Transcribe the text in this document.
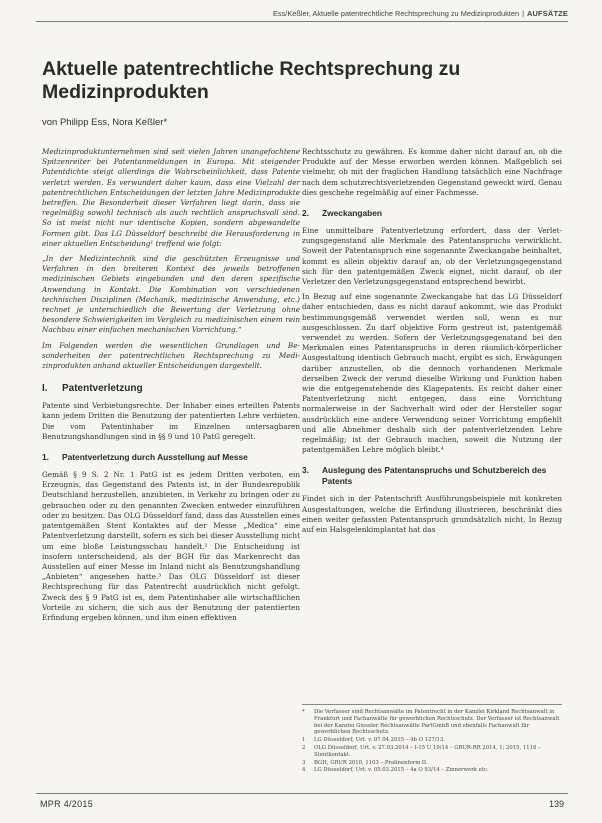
Ess/Keßler, Aktuelle patentrechtliche Rechtsprechung zu Medizinprodukten | AUFSÄTZE
Aktuelle patentrechtliche Rechtsprechung zu Medizinprodukten
von Philipp Ess, Nora Keßler*

Medizinproduktunternehmen sind seit vielen Jahren unangefochtene Spitzenreiter bei Patentanmeldungen in Europa. Mit steigender Patentdichte steigt allerdings die Wahrscheinlichkeit, dass Patente verletzt werden. Es verwundert daher kaum, dass eine Vielzahl der patentrechtlichen Entscheidungen der letzten Jahre Medizinprodukte betreffen. Die Besonderheit dieser Verfahren liegt darin, dass sie regelmäßig sowohl technisch als auch rechtlich anspruchsvoll sind. So ist meist nicht nur identische Kopien, sondern abgewandelte Formen gibt. Das LG Düsseldorf beschreibt die Herausforderung in einer aktuellen Entscheidung¹ treffend wie folgt:

„In der Medizintechnik sind die geschützten Erzeugnisse und Verfahren in den breiteren Kontext des jeweils betroffenen medizinischen Gebiets eingebunden und den deren spezifische Anwendung in Kontakt. Die Kombination von verschiedenen technischen Disziplinen (Mechanik, medizinische Anwendung, etc.) rechnet je unterschiedlich die Bewertung der Verletzung ohne besondere Schwierigkeiten im Vergleich zu medizinischen einem rein Nachbau einer einfachen mechanischen Vorrichtung.“

Im Folgenden werden die wesentlichen Grundlagen und Besonderheiten der patentrechtlichen Rechtsprechung zu Medizinprodukten anhand aktueller Entscheidungen dargestellt.

I. Patentverletzung

Patente sind Verbietungsrechte. Der Inhaber eines erteilten Patents kann jedem Dritten die Benutzung der patentierten Lehre verbieten. Die vom Patentinhaber im Einzelnen untersagbaren Benutzungshandlungen sind in §§ 9 und 10 PatG geregelt.

1. Patentverletzung durch Ausstellung auf Messe

Gemäß § 9 S. 2 Nr. 1 PatG ist es jedem Dritten verboten, ein Erzeugnis, das Gegenstand des Patents ist, in der Bundesrepublik Deutschland herzustellen, anzubieten, in Verkehr zu bringen oder zu gebrauchen oder zu den genannten Zwecken entweder einzuführen oder zu besitzen. Das OLG Düsseldorf fand, dass das Ausstellen eines patentgemäßen Stent Kontaktes auf der Messe „Medica“ eine Patentverletzung darstellt, sofern es sich bei dieser Ausstellung nicht um eine bloße Leistungsschau handelt.² Die Entscheidung ist insofern unterscheidend, als der BGH für das Markenrecht das Ausstellen auf einer Messe im Inland nicht als Benutzungshandlung „Anbieten“ angesehen hatte.³ Das OLG Düsseldorf ist dieser Rechtsprechung für das Patentrecht ausdrücklich nicht gefolgt. Zweck des § 9 PatG ist es, dem Patentinhaber alle wirtschaftlichen Vorteile zu sichern, die sich aus der Benutzung der patentierten Erfindung ergeben können, und ihm einen effektiven

Rechtsschutz zu gewähren. Es komme daher nicht darauf an, ob die Produkte auf der Messe erworben werden können. Maßgeblich sei vielmehr, ob mit der fraglichen Handlung tatsächlich eine Nachfrage nach dem schutzrechtsverletzenden Gegenstand geweckt wird. Genau dies geschehe regelmäßig auf einer Fachmesse.

2. Zweckangaben

Eine unmittelbare Patentverletzung erfordert, dass der Verletzungsgegenstand alle Merkmale des Patentanspruchs verwirklicht. Soweit der Patentanspruch eine sogenannte Zweckangabe beinhaltet, kommt es allein objektiv darauf an, ob der Verletzungsgegenstand sich für den patentgemäßen Zweck eignet, nicht darauf, ob der Verletzer den Verletzungsgegenstand entsprechend bewirbt.

In Bezug auf eine sogenannte Zweckangabe hat das LG Düsseldorf daher entschieden, dass es nicht darauf ankommt, wie das Produkt bestimmungsgemäß verwendet werden soll, wenn es nur ausgeschlossen. Zu darf objektive Form gestreut ist, patentgemäß verwendet zu werden. Sofern der Verletzungsgegenstand bei den Merkmalen eines Patentanspruchs in deren räumlich-körperlicher Ausgestaltung identisch Gebrauch macht, ergibt es sich, Erwägungen darüber anzustellen, ob die dennoch vorhandenen Merkmale derselben Zweck der verund dieselbe Wirkung und Funktion haben wie die entgegenstehende des Klagepatents. Es reicht daher einer Patentverletzung nicht entgegen, dass eine Vorrichtung normalerweise in der Sachverhalt wird oder der Hersteller sogar ausdrücklich eine andere Verwendung seiner Vorrichtung empfiehlt und alle Abnehmer deshalb sich der patentverletzenden Lehre regelmäßig; ist der Gebrauch machen, soweit die Nutzung der patentgemäßen Lehre möglich bleibt.⁴

3. Auslegung des Patentanspruchs und Schutzbereich des Patents

Findet sich in der Patentschrift Ausführungsbeispiele mit konkreten Ausgestaltungen, welche die Erfindung illustrieren, beschränkt dies einen weiter gefassten Patentanspruch grundsätzlich nicht. In Bezug auf ein Halsgelenkimplantat hat das

*	Die Verfasser sind Rechtsanwälte im Patentrecht in der Kanzlei Kirkland Rechtsanwalt in Frankfurt und Fachanwälte für gewerblichen Rechtsschutz. Der Verfasser ist Rechtsanwalt bei der Kanzlei Gieseler Rechtsanwälte PartGmbB und ebenfalls Fachanwalt für gewerblichen Rechtsschutz.
1	LG Düsseldorf, Urt. v. 07.04.2015 – 4b O 127/13.
2	OLG Düsseldorf, Urt. v. 27.03.2014 – I-15 U 19/14 – GRUR-RR 2014, 1; 2015, 1118 – Stentkontakt.
3	BGH, GRUR 2010, 1103 – Pralinenform II.
4	LG Düsseldorf, Urt. v. 05.03.2015 – 4a O 93/14 – Zinnerwerk etc.
MPR 4/2015	139
